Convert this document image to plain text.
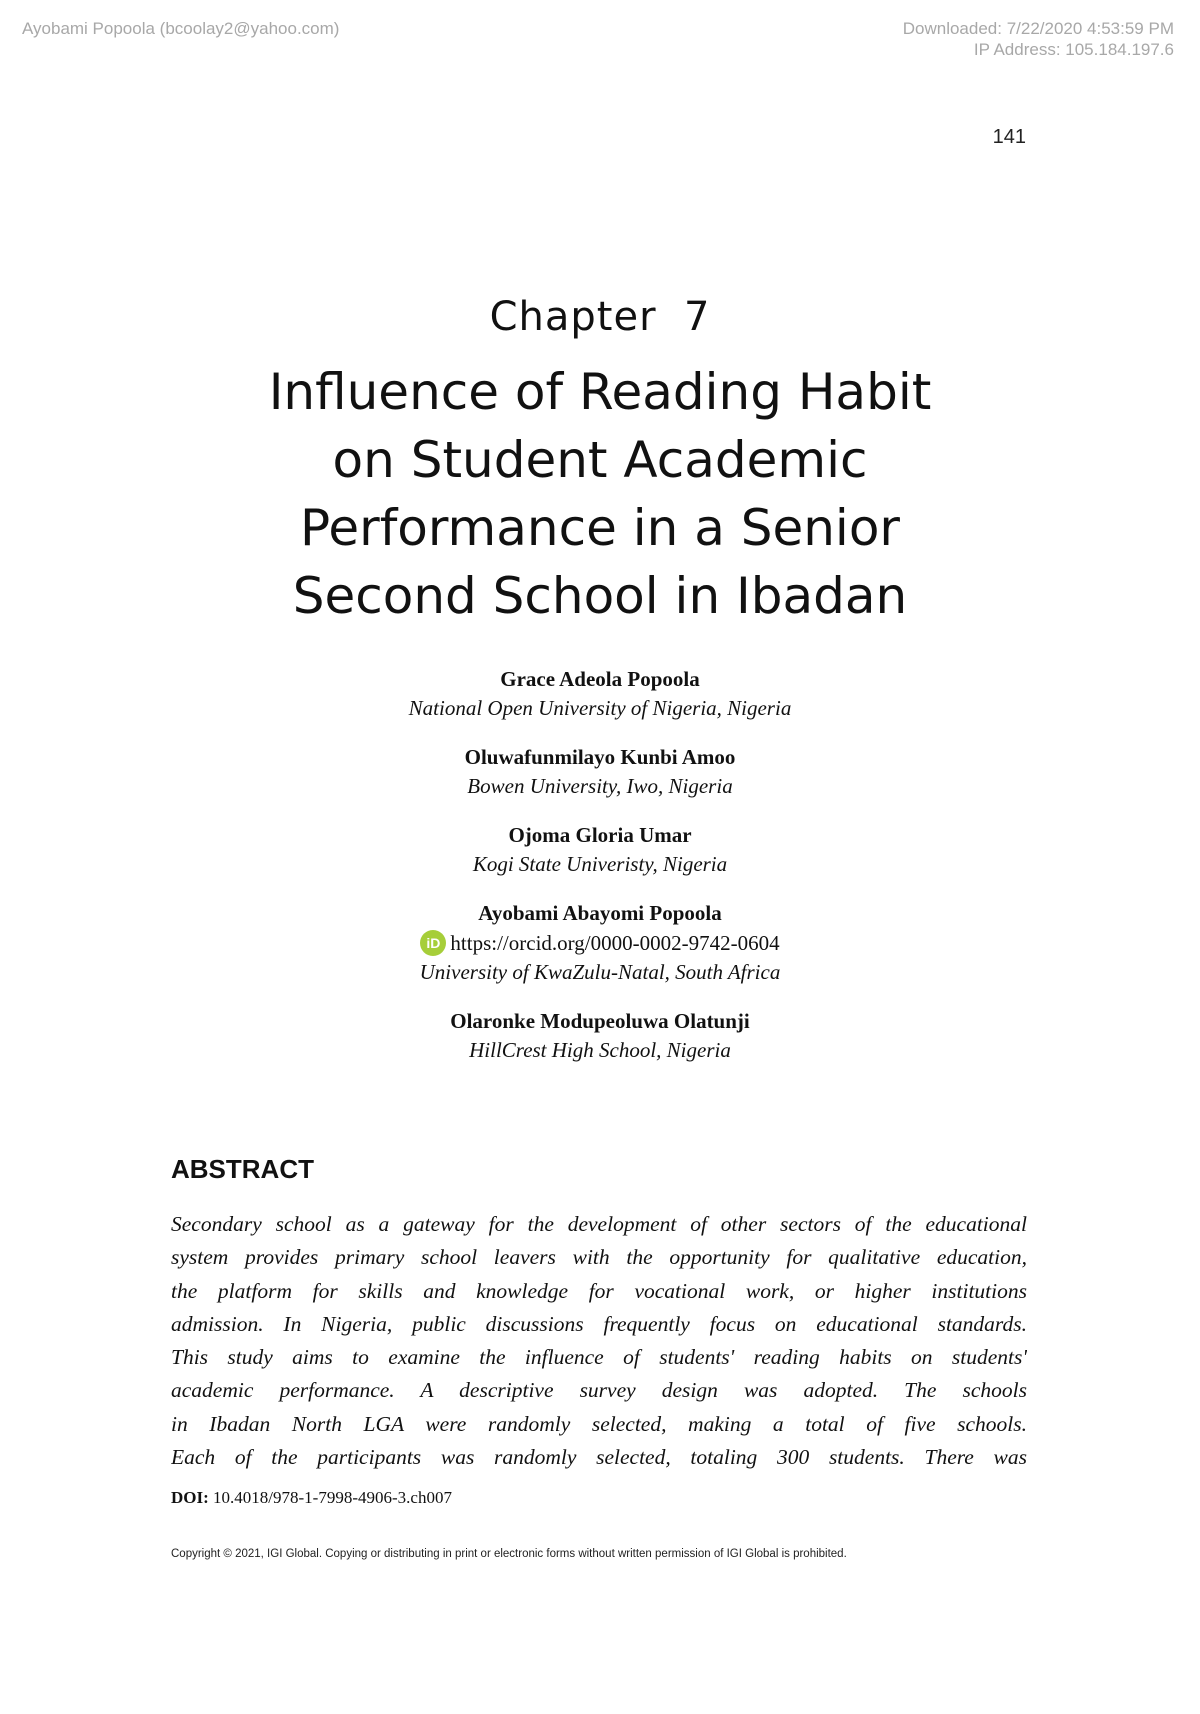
Ayobami Popoola (bcoolay2@yahoo.com)	Downloaded: 7/22/2020 4:53:59 PM
IP Address: 105.184.197.6
141
Chapter  7
Influence of Reading Habit
on Student Academic
Performance in a Senior
Second School in Ibadan
Grace Adeola Popoola
National Open University of Nigeria, Nigeria
Oluwafunmilayo Kunbi Amoo
Bowen University, Iwo, Nigeria
Ojoma Gloria Umar
Kogi State Univeristy, Nigeria
Ayobami Abayomi Popoola
iD https://orcid.org/0000-0002-9742-0604
University of KwaZulu-Natal, South Africa
Olaronke Modupeoluwa Olatunji
HillCrest High School, Nigeria
ABSTRACT
Secondary school as a gateway for the development of other sectors of the educational
system provides primary school leavers with the opportunity for qualitative education,
the platform for skills and knowledge for vocational work, or higher institutions
admission. In Nigeria, public discussions frequently focus on educational standards.
This study aims to examine the influence of students' reading habits on students'
academic performance. A descriptive survey design was adopted. The schools
in Ibadan North LGA were randomly selected, making a total of five schools.
Each of the participants was randomly selected, totaling 300 students. There was
DOI: 10.4018/978-1-7998-4906-3.ch007
Copyright © 2021, IGI Global. Copying or distributing in print or electronic forms without written permission of IGI Global is prohibited.
